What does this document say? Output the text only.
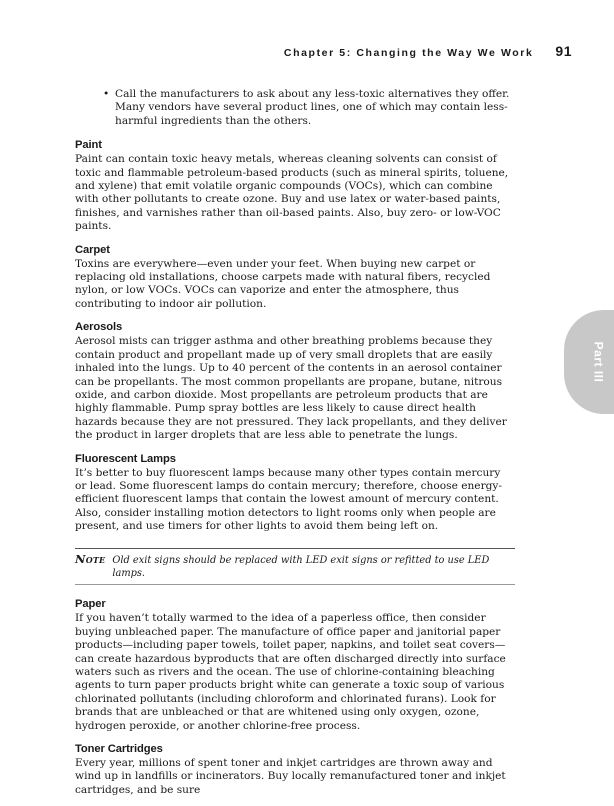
Chapter 5: Changing the Way We Work 91
Part III
• Call the manufacturers to ask about any less-toxic alternatives they offer. Many vendors have several product lines, one of which may contain less-harmful ingredients than the others.
Paint

Paint can contain toxic heavy metals, whereas cleaning solvents can consist of toxic and flammable petroleum-based products (such as mineral spirits, toluene, and xylene) that emit volatile organic compounds (VOCs), which can combine with other pollutants to create ozone. Buy and use latex or water-based paints, finishes, and varnishes rather than oil-based paints. Also, buy zero- or low-VOC paints.

Carpet

Toxins are everywhere—even under your feet. When buying new carpet or replacing old installations, choose carpets made with natural fibers, recycled nylon, or low VOCs. VOCs can vaporize and enter the atmosphere, thus contributing to indoor air pollution.

Aerosols

Aerosol mists can trigger asthma and other breathing problems because they contain product and propellant made up of very small droplets that are easily inhaled into the lungs. Up to 40 percent of the contents in an aerosol container can be propellants. The most common propellants are propane, butane, nitrous oxide, and carbon dioxide. Most propellants are petroleum products that are highly flammable. Pump spray bottles are less likely to cause direct health hazards because they are not pressured. They lack propellants, and they deliver the product in larger droplets that are less able to penetrate the lungs.

Fluorescent Lamps

It’s better to buy fluorescent lamps because many other types contain mercury or lead. Some fluorescent lamps do contain mercury; therefore, choose energy-efficient fluorescent lamps that contain the lowest amount of mercury content. Also, consider installing motion detectors to light rooms only when people are present, and use timers for other lights to avoid them being left on.

Note Old exit signs should be replaced with LED exit signs or refitted to use LED lamps.
Paper

If you haven’t totally warmed to the idea of a paperless office, then consider buying unbleached paper. The manufacture of office paper and janitorial paper products—including paper towels, toilet paper, napkins, and toilet seat covers—can create hazardous byproducts that are often discharged directly into surface waters such as rivers and the ocean. The use of chlorine-containing bleaching agents to turn paper products bright white can generate a toxic soup of various chlorinated pollutants (including chloroform and chlorinated furans). Look for brands that are unbleached or that are whitened using only oxygen, ozone, hydrogen peroxide, or another chlorine-free process.

Toner Cartridges

Every year, millions of spent toner and inkjet cartridges are thrown away and wind up in landfills or incinerators. Buy locally remanufactured toner and inkjet cartridges, and be sure
